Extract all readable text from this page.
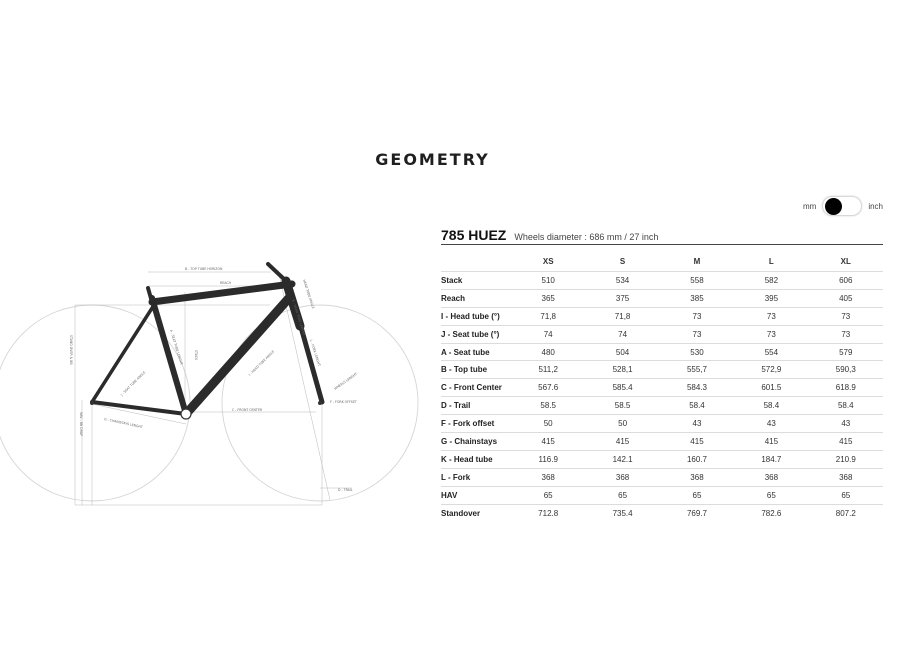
GEOMETRY
mm	inch
785 HUEZ Wheels diameter : 686 mm / 27 inch
	XS	S	M	L	XL
Stack	510	534	558	582	606
Reach	365	375	385	395	405
I - Head tube (°)	71,8	71,8	73	73	73
J - Seat tube (°)	74	74	73	73	73
A - Seat tube	480	504	530	554	579
B - Top tube	511,2	528,1	555,7	572,9	590,3
C - Front Center	567.6	585.4	584.3	601.5	618.9
D - Trail	58.5	58.5	58.4	58.4	58.4
F - Fork offset	50	50	43	43	43
G - Chainstays	415	415	415	415	415
K - Head tube	116.9	142.1	160.7	184.7	210.9
L - Fork	368	368	368	368	368
HAV	65	65	65	65	65
Standover	712.8	735.4	769.7	782.6	807.2
B - TOP TUBE HORIZON
REACH
STACK
A - SEAT TUBE LENGHT
HEAD TUBE ANGLE
K - HEAD TUBE LENGHT
L - FORK LENGHT
J - SEAT TUBE ANGLE
I - HEAD TUBE ANGLE
STAND OVER & BB
HAV - BB DROP	G - CHAINSTAYS LENGHT
C - FRONT CENTER
F - FORK OFFSET
WHEELS LENGHT
D - TRAIL
